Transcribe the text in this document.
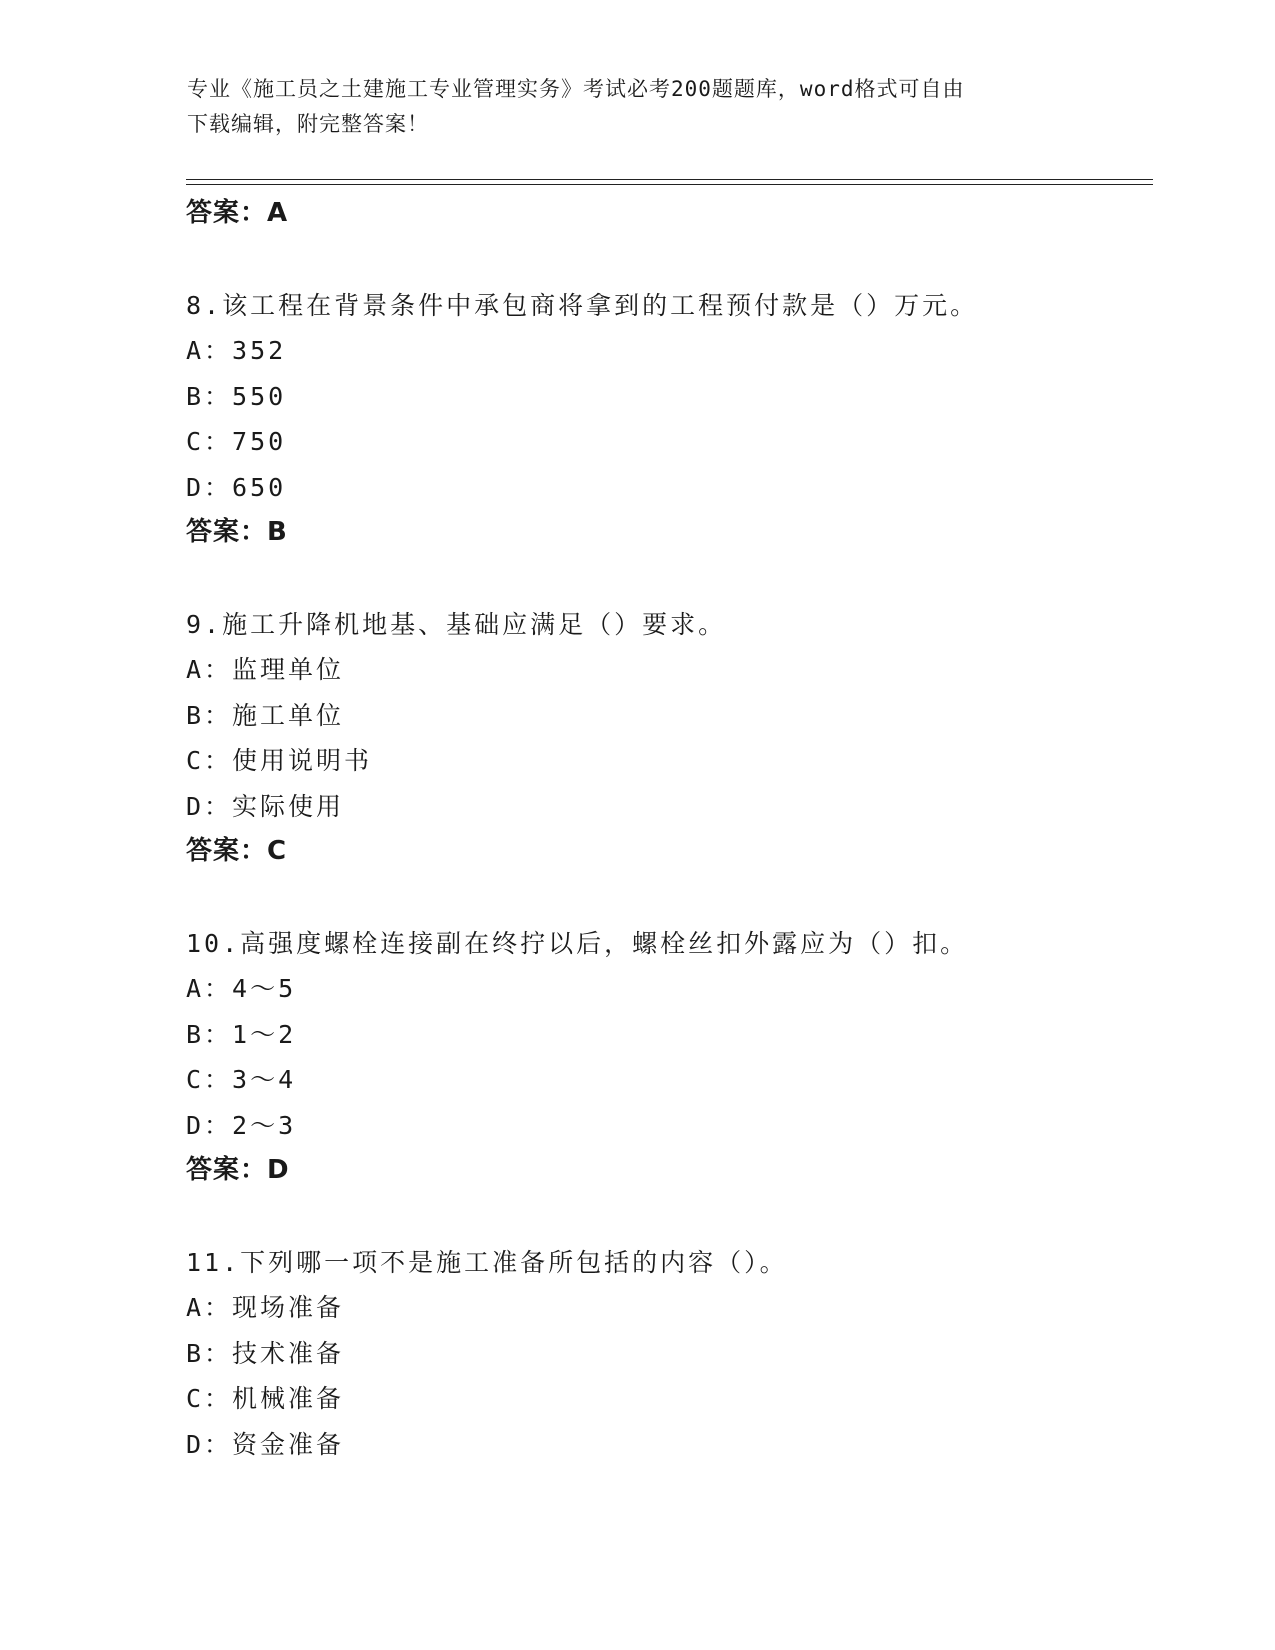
专业《施工员之土建施工专业管理实务》考试必考200题题库，word格式可自由
下载编辑，附完整答案！
答案：A
8.该工程在背景条件中承包商将拿到的工程预付款是（）万元。
A：352
B：550
C：750
D：650
答案：B
9.施工升降机地基、基础应满足（）要求。
A：监理单位
B：施工单位
C：使用说明书
D：实际使用
答案：C
10.高强度螺栓连接副在终拧以后，螺栓丝扣外露应为（）扣。
A：4～5
B：1～2
C：3～4
D：2～3
答案：D
11.下列哪一项不是施工准备所包括的内容（）。
A：现场准备
B：技术准备
C：机械准备
D：资金准备
